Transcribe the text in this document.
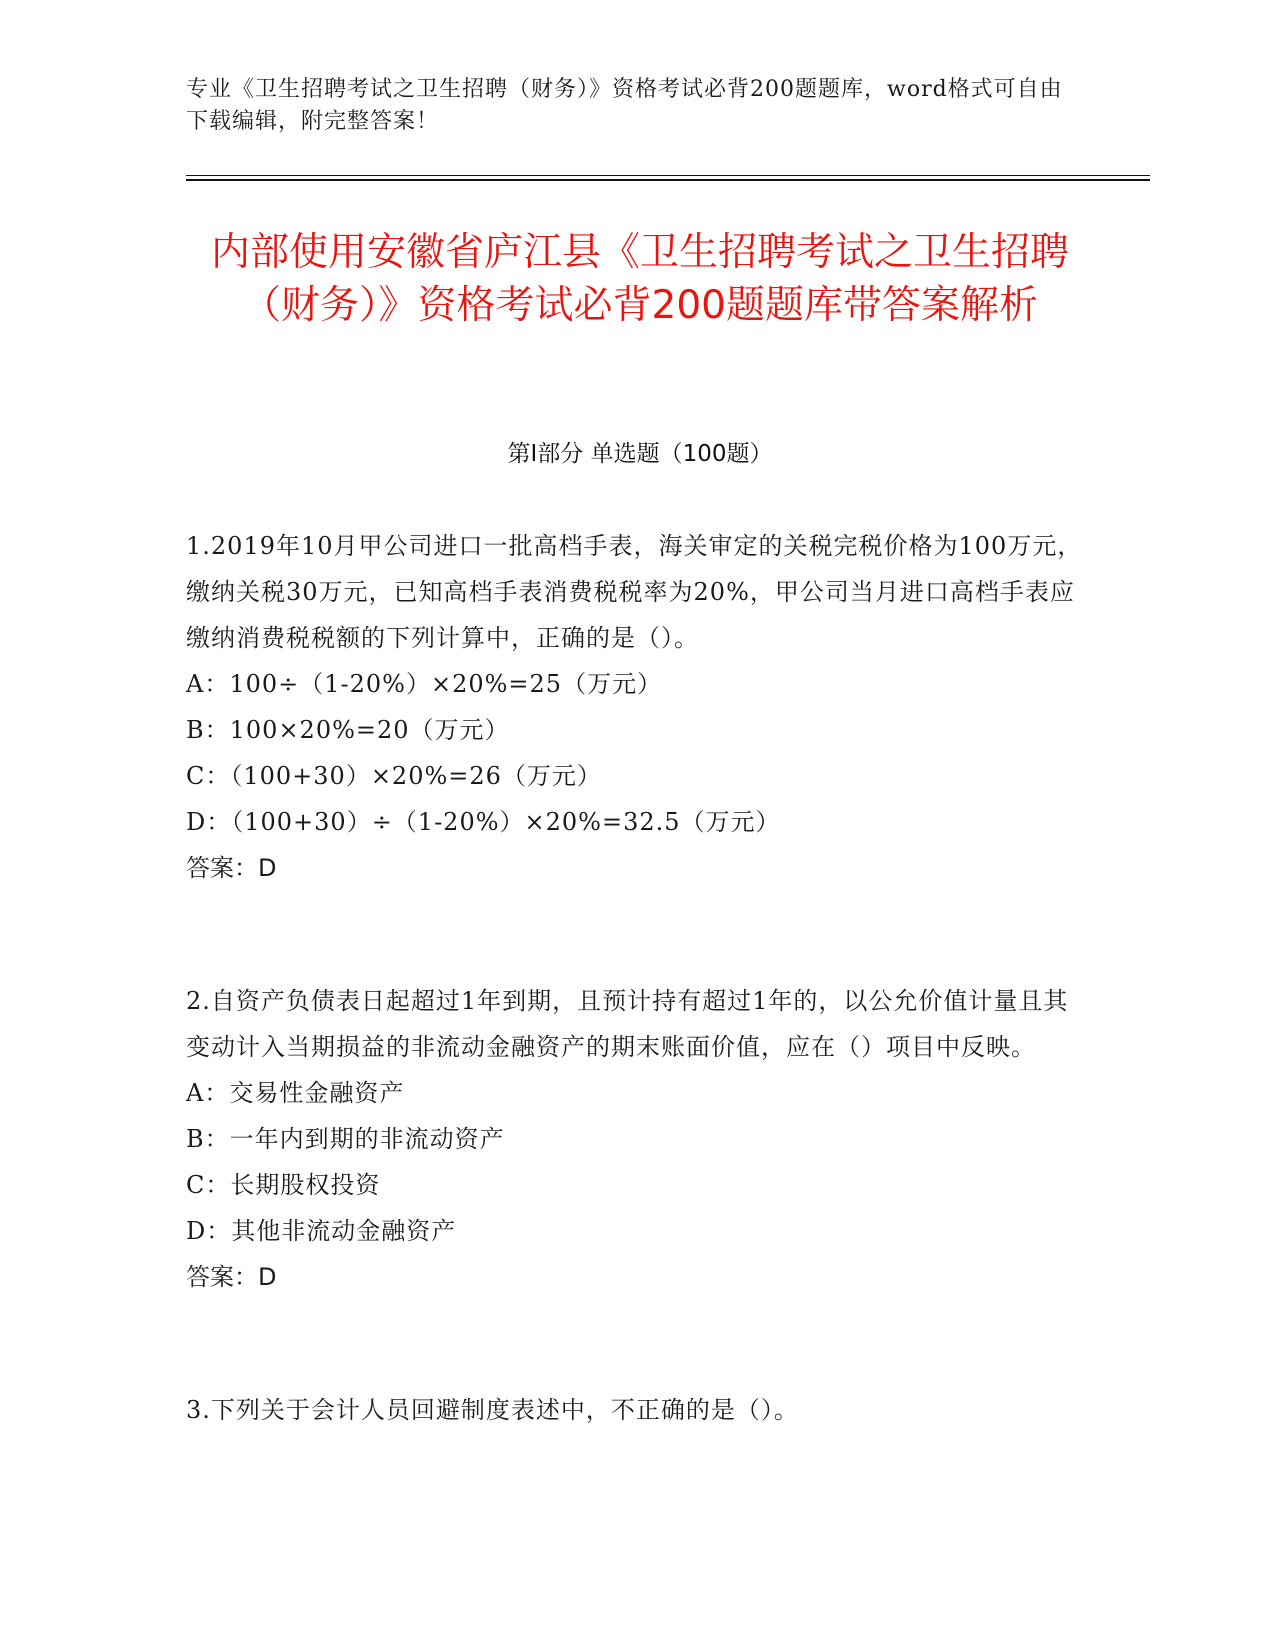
专业《卫生招聘考试之卫生招聘（财务）》资格考试必背200题题库，word格式可自由下载编辑，附完整答案！
内部使用安徽省庐江县《卫生招聘考试之卫生招聘（财务）》资格考试必背200题题库带答案解析
第Ⅰ部分 单选题（100题）
1.2019年10月甲公司进口一批高档手表，海关审定的关税完税价格为100万元，缴纳关税30万元，已知高档手表消费税税率为20%，甲公司当月进口高档手表应缴纳消费税税额的下列计算中，正确的是（）。
A：100÷（1-20%）×20%=25（万元）
B：100×20%=20（万元）
C：（100+30）×20%=26（万元）
D：（100+30）÷（1-20%）×20%=32.5（万元）
答案：D
2.自资产负债表日起超过1年到期，且预计持有超过1年的，以公允价值计量且其变动计入当期损益的非流动金融资产的期末账面价值，应在（）项目中反映。
A：交易性金融资产
B：一年内到期的非流动资产
C：长期股权投资
D：其他非流动金融资产
答案：D
3.下列关于会计人员回避制度表述中，不正确的是（）。
